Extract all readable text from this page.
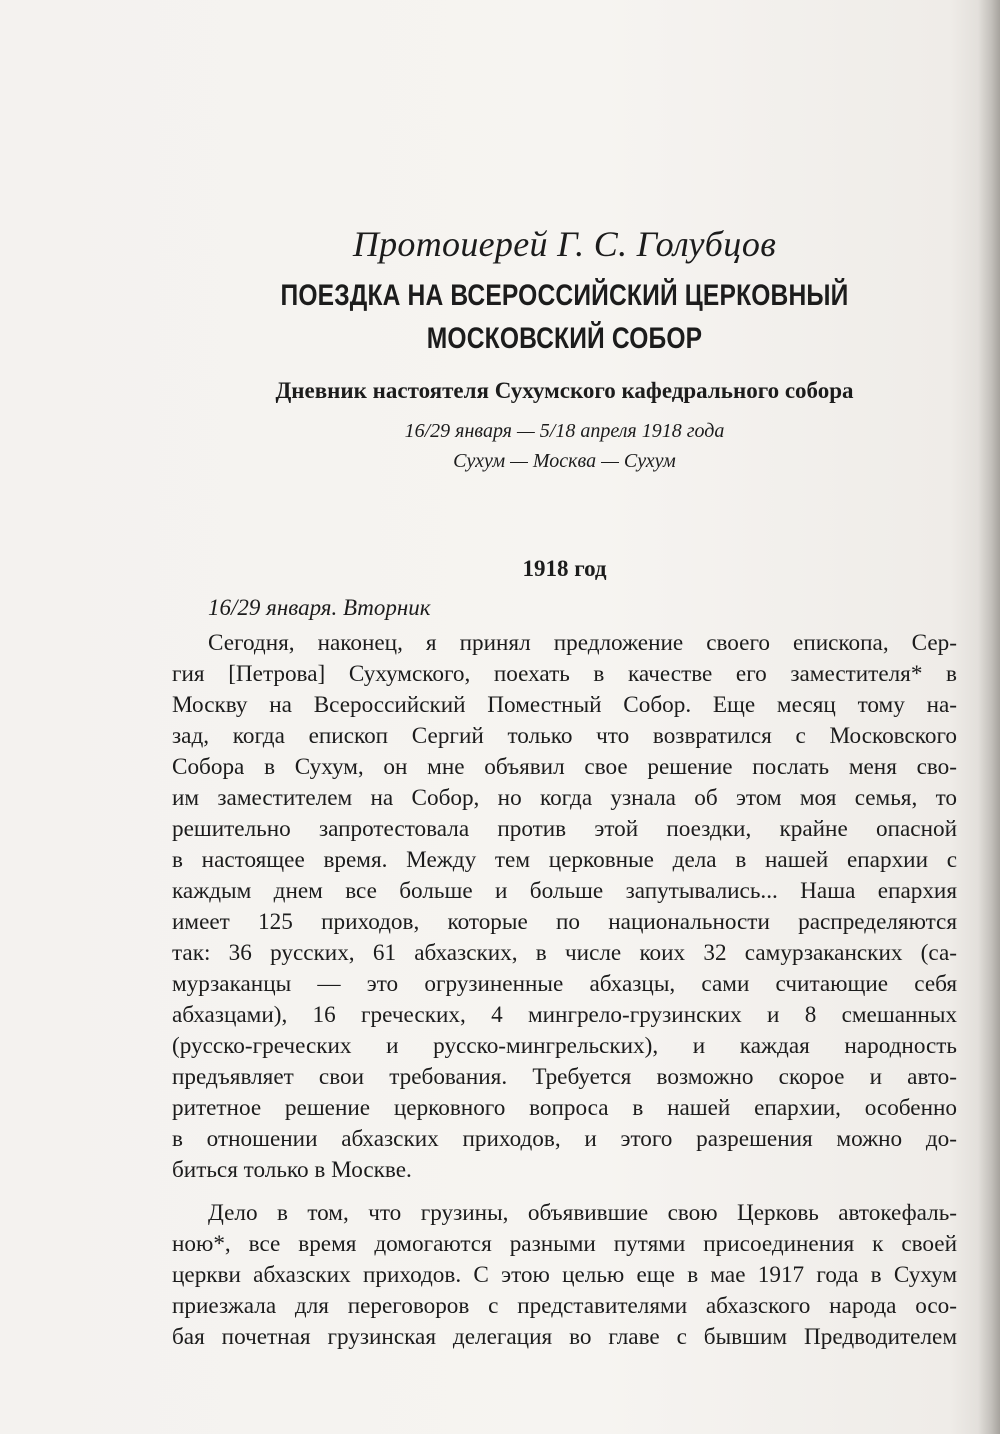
Протоиерей Г. С. Голубцов
ПОЕЗДКА НА ВСЕРОССИЙСКИЙ ЦЕРКОВНЫЙ
МОСКОВСКИЙ СОБОР
Дневник настоятеля Сухумского кафедрального собора
16/29 января — 5/18 апреля 1918 года
Сухум — Москва — Сухум
1918 год
16/29 января. Вторник
Сегодня, наконец, я принял предложение своего епископа, Сер-
гия [Петрова] Сухумского, поехать в качестве его заместителя* в
Москву на Всероссийский Поместный Собор. Еще месяц тому на-
зад, когда епископ Сергий только что возвратился с Московского
Собора в Сухум, он мне объявил свое решение послать меня сво-
им заместителем на Собор, но когда узнала об этом моя семья, то
решительно запротестовала против этой поездки, крайне опасной
в настоящее время. Между тем церковные дела в нашей епархии с
каждым днем все больше и больше запутывались... Наша епархия
имеет 125 приходов, которые по национальности распределяются
так: 36 русских, 61 абхазских, в числе коих 32 самурзаканских (са-
мурзаканцы — это огрузиненные абхазцы, сами считающие себя
абхазцами), 16 греческих, 4 мингрело-грузинских и 8 смешанных
(русско-греческих и русско-мингрельских), и каждая народность
предъявляет свои требования. Требуется возможно скорое и авто-
ритетное решение церковного вопроса в нашей епархии, особенно
в отношении абхазских приходов, и этого разрешения можно до-
биться только в Москве.
Дело в том, что грузины, объявившие свою Церковь автокефаль-
ною*, все время домогаются разными путями присоединения к своей
церкви абхазских приходов. С этою целью еще в мае 1917 года в Сухум
приезжала для переговоров с представителями абхазского народа осо-
бая почетная грузинская делегация во главе с бывшим Предводителем
